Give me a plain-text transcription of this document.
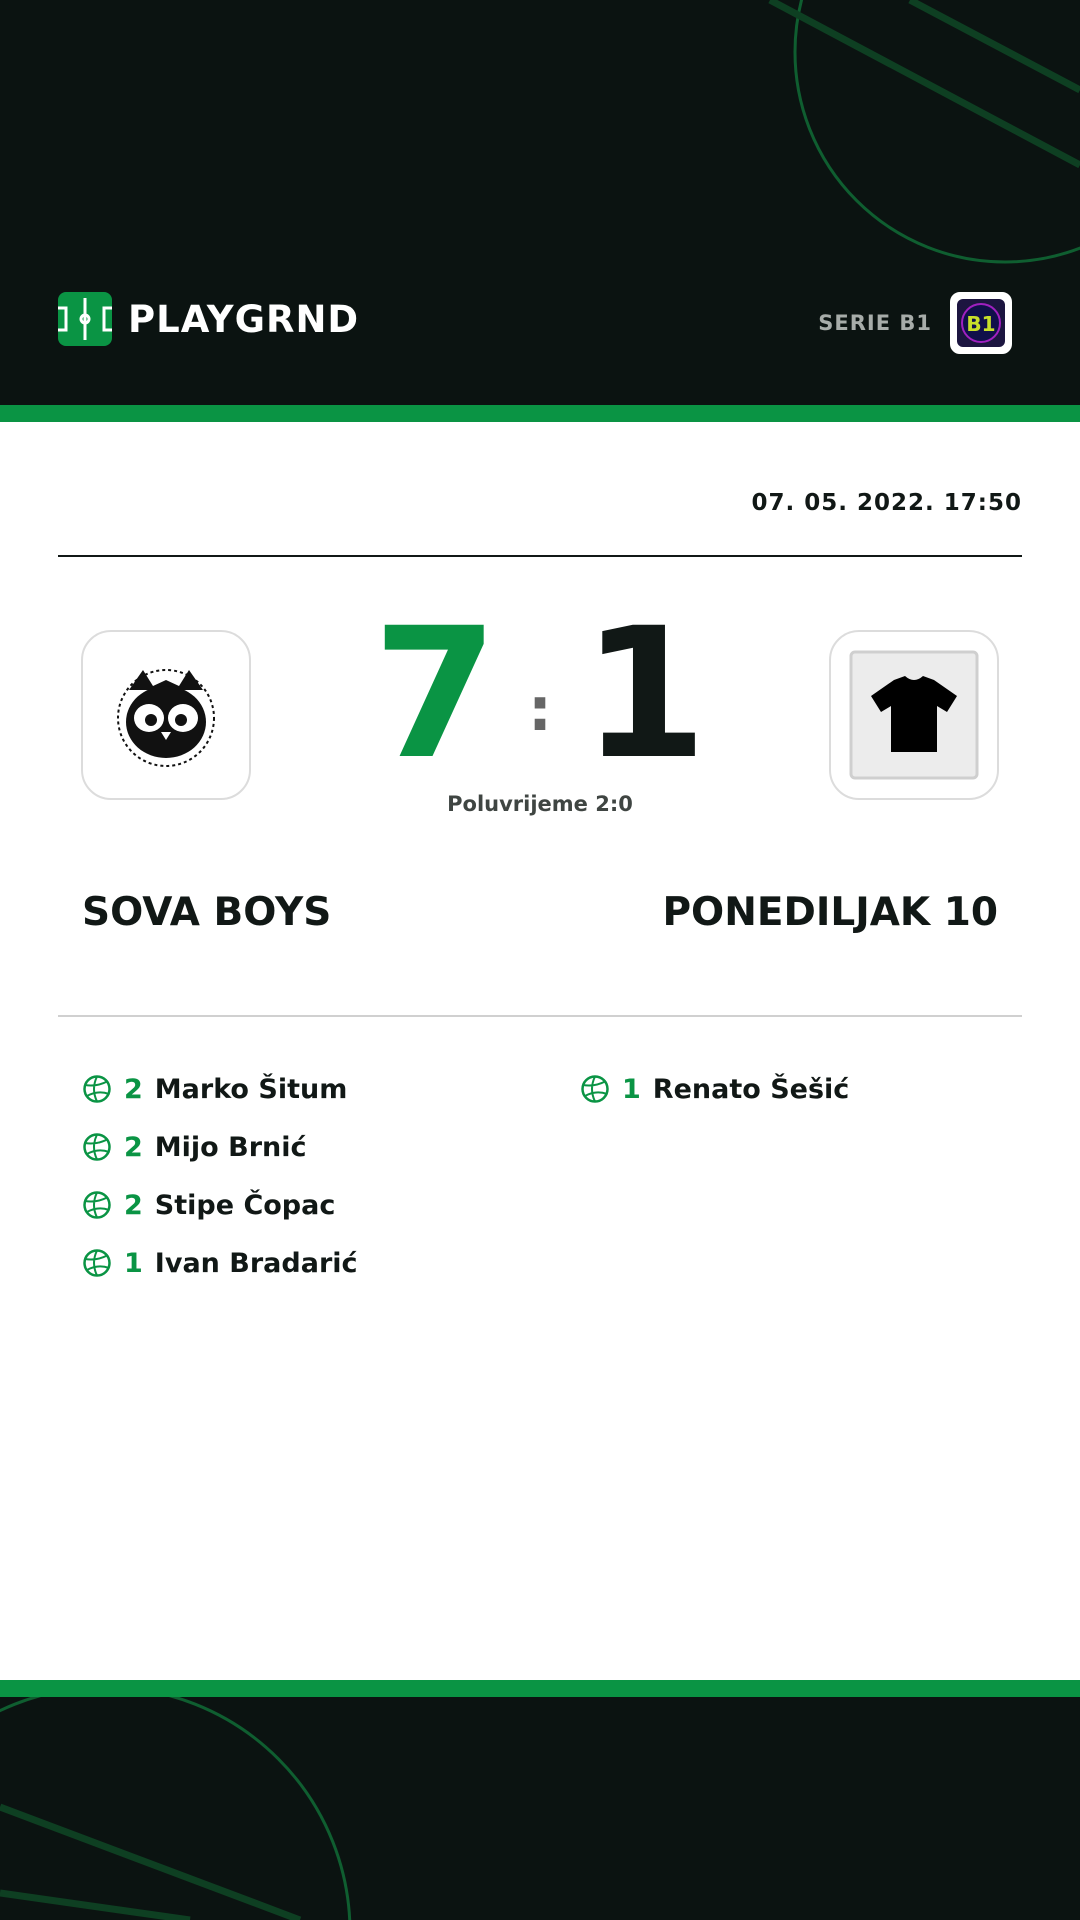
PLAYGRND	SERIE B1 B1
07. 05. 2022. 17:50
7 : 1
Poluvrijeme 2:0
SOVA BOYS	PONEDILJAK 10
2 Marko Šitum
2 Mijo Brnić
2 Stipe Čopac
1 Ivan Bradarić
1 Renato Šešić
